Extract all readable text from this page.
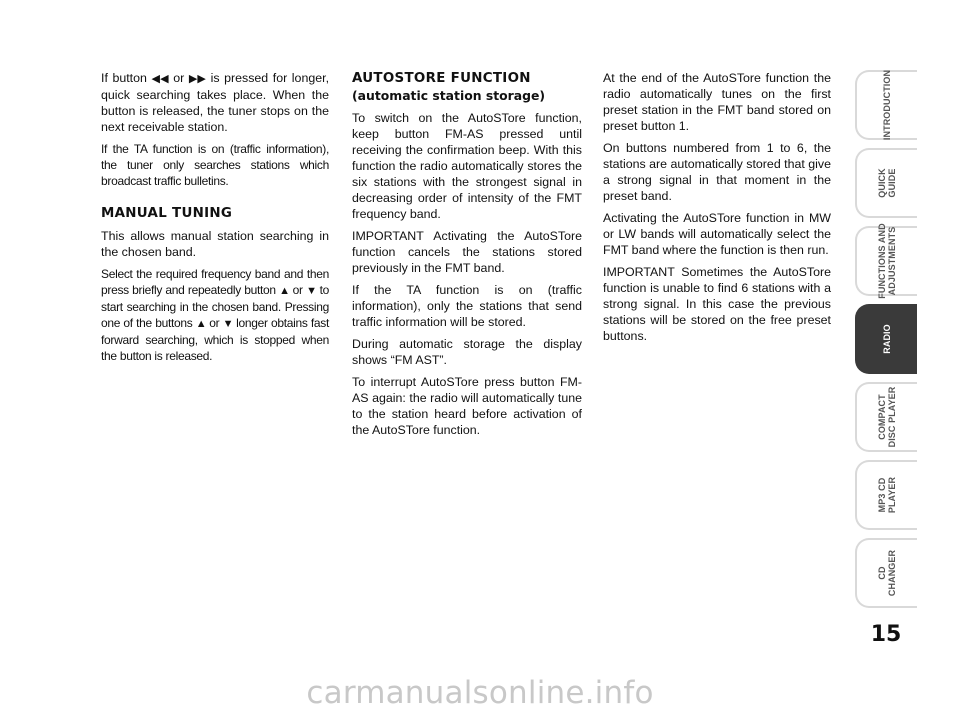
If button ◀◀ or ▶▶ is pressed for longer, quick searching takes place. When the button is released, the tuner stops on the next receivable station.

If the TA function is on (traffic information), the tuner only searches stations which broadcast traffic bulletins.

MANUAL TUNING

This allows manual station searching in the chosen band.

Select the required frequency band and then press briefly and repeatedly button ▲ or ▼ to start searching in the chosen band. Pressing one of the buttons ▲ or ▼ longer obtains fast forward searching, which is stopped when the button is released.

AUTOSTORE FUNCTION
(automatic station storage)

To switch on the AutoSTore function, keep button FM-AS pressed until receiving the confirmation beep. With this function the radio automatically stores the six stations with the strongest signal in decreasing order of intensity of the FMT frequency band.

IMPORTANT Activating the AutoSTore function cancels the stations stored previously in the FMT band.

If the TA function is on (traffic information), only the stations that send traffic information will be stored.

During automatic storage the display shows “FM AST”.

To interrupt AutoSTore press button FM-AS again: the radio will automatically tune to the station heard before activation of the AutoSTore function.

At the end of the AutoSTore function the radio automatically tunes on the first preset station in the FMT band stored on preset button 1.

On buttons numbered from 1 to 6, the stations are automatically stored that give a strong signal in that moment in the preset band.

Activating the AutoSTore function in MW or LW bands will automatically select the FMT band where the function is then run.

IMPORTANT Sometimes the AutoSTore function is unable to find 6 stations with a strong signal. In this case the previous stations will be stored on the free preset buttons.

INTRODUCTION
QUICK
GUIDE
FUNCTIONS AND
ADJUSTMENTS
RADIO
COMPACT
DISC PLAYER
MP3 CD
PLAYER
CD
CHANGER
15
carmanualsonline.info
